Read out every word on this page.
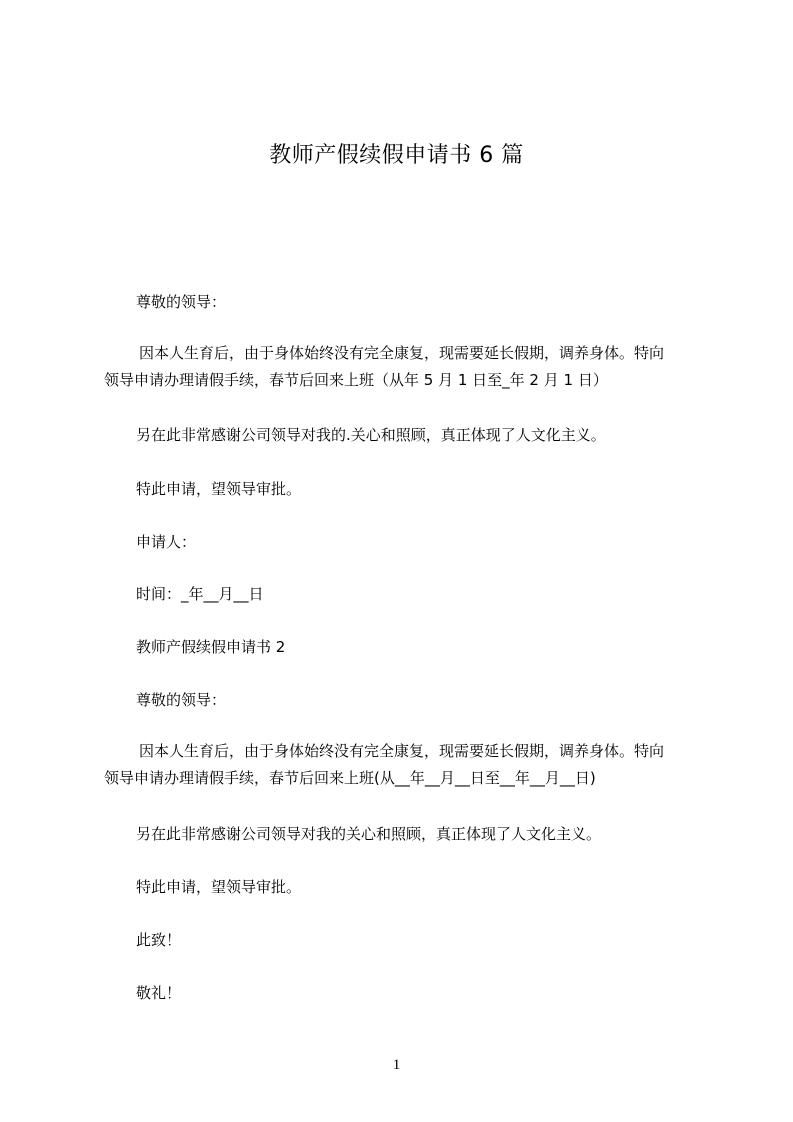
教师产假续假申请书 6 篇
尊敬的领导：
因本人生育后，由于身体始终没有完全康复，现需要延长假期，调养身体。特向
领导申请办理请假手续，春节后回来上班（从年 5 月 1 日至_年 2 月 1 日）
另在此非常感谢公司领导对我的.关心和照顾，真正体现了人文化主义。
特此申请，望领导审批。
申请人：
时间：_年__月__日
教师产假续假申请书 2
尊敬的领导：
因本人生育后，由于身体始终没有完全康复，现需要延长假期，调养身体。特向
领导申请办理请假手续，春节后回来上班(从__年__月__日至__年__月__日)
另在此非常感谢公司领导对我的关心和照顾，真正体现了人文化主义。
特此申请，望领导审批。
此致！
敬礼！
1
